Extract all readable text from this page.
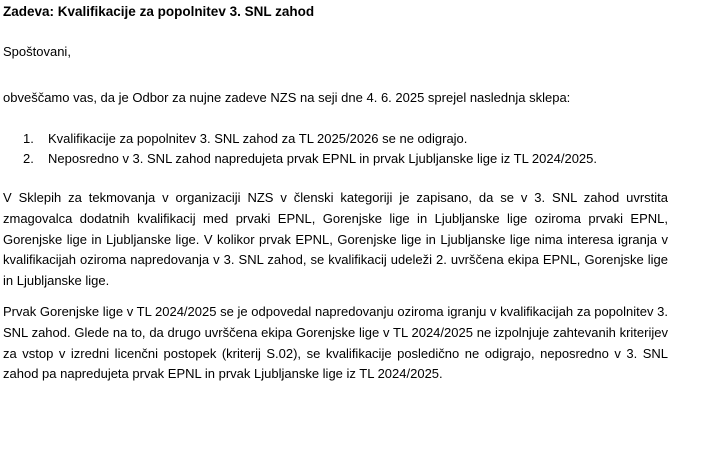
Zadeva: Kvalifikacije za popolnitev 3. SNL zahod
Spoštovani,
obveščamo vas, da je Odbor za nujne zadeve NZS na seji dne 4. 6. 2025 sprejel naslednja sklepa:
1.	Kvalifikacije za popolnitev 3. SNL zahod za TL 2025/2026 se ne odigrajo.
2.	Neposredno v 3. SNL zahod napredujeta prvak EPNL in prvak Ljubljanske lige iz TL 2024/2025.

V Sklepih za tekmovanja v organizaciji NZS v členski kategoriji je zapisano, da se v 3. SNL zahod uvrstita zmagovalca dodatnih kvalifikacij med prvaki EPNL, Gorenjske lige in Ljubljanske lige oziroma prvaki EPNL, Gorenjske lige in Ljubljanske lige. V kolikor prvak EPNL, Gorenjske lige in Ljubljanske lige nima interesa igranja v kvalifikacijah oziroma napredovanja v 3. SNL zahod, se kvalifikacij udeleži 2. uvrščena ekipa EPNL, Gorenjske lige in Ljubljanske lige.

Prvak Gorenjske lige v TL 2024/2025 se je odpovedal napredovanju oziroma igranju v kvalifikacijah za popolnitev 3. SNL zahod. Glede na to, da drugo uvrščena ekipa Gorenjske lige v TL 2024/2025 ne izpolnjuje zahtevanih kriterijev za vstop v izredni licenčni postopek (kriterij S.02), se kvalifikacije posledično ne odigrajo, neposredno v 3. SNL zahod pa napredujeta prvak EPNL in prvak Ljubljanske lige iz TL 2024/2025.
